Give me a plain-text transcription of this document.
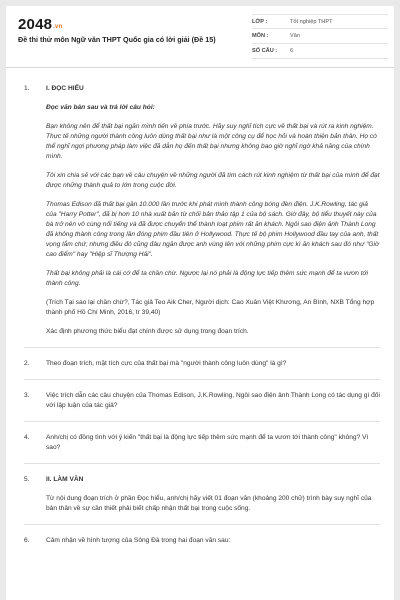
2048.vn
Đề thi thử môn Ngữ văn THPT Quốc gia có lời giải (Đề 15)
LỚP :	Tốt nghiệp THPT
MÔN :	Văn
SỐ CÂU :	6
1.	I. ĐỌC HIỂU

Đọc văn bản sau và trả lời câu hỏi:

Bạn không nên để thất bại ngăn mình tiến về phía trước. Hãy suy nghĩ tích cực về thất bại và rút ra kinh nghiệm. Thực tế những người thành công luôn dùng thất bại như là một công cụ để học hỏi và hoàn thiện bản thân. Họ có thể nghĩ ngợi phương pháp làm việc đã dẫn họ đến thất bại nhưng không bao giờ nghĩ ngờ khả năng của chính mình.

Tôi xin chia sẻ với các bạn về câu chuyện về những người đã tìm cách rút kinh nghiệm từ thất bại của mình để đạt được những thành quả to lớn trong cuộc đời.

Thomas Edison đã thất bại gần 10.000 lần trước khi phát minh thành công bóng đèn điện. J.K.Rowling, tác giả của "Harry Potter", đã bị hơn 10 nhà xuất bản từ chối bản thảo tập 1 của bộ sách. Giờ đây, bộ tiểu thuyết này của bà trở nên vô cùng nổi tiếng và đã được chuyển thể thành loạt phim rất ăn khách. Ngôi sao điện ảnh Thành Long đã không thành công trong lần đóng phim đầu tiên ở Hollywood. Thực tế bộ phim Hollywood đầu tay của anh, thất vọng lắm chứ; nhưng điều đó cũng đâu ngăn được anh vùng lên với những phim cực kì ăn khách sau đó như "Giờ cao điểm" hay "Hiệp sĩ Thượng Hải".

Thất bại không phải là cái cớ để ta chần chừ. Ngược lại nó phải là động lực tiếp thêm sức mạnh để ta vươn tới thành công.

(Trích Tại sao lại chần chừ?, Tác giả Teo Aik Cher, Người dịch: Cao Xuân Việt Khương, An Bình, NXB Tổng hợp thành phố Hồ Chí Minh, 2016, tr 39,40)

Xác định phương thức biểu đạt chính được sử dụng trong đoạn trích.

2.	Theo đoạn trích, mặt tích cực của thất bại mà "người thành công luôn dùng" là gì?
3.	Việc trích dẫn các câu chuyện của Thomas Edison, J.K.Rowling, Ngôi sao điện ảnh Thành Long có tác dụng gì đối với lập luận của tác giả?
4.	Anh/chị có đồng tình với ý kiến "thất bại là động lực tiếp thêm sức mạnh để ta vươn tới thành công" không? Vì sao?
5.	II. LÀM VĂN

Từ nội dung đoạn trích ở phần Đọc hiểu, anh/chị hãy viết 01 đoạn văn (khoảng 200 chữ) trình bày suy nghĩ của bản thân về sự cần thiết phải biết chấp nhận thất bại trong cuộc sống.

6.	Cảm nhận về hình tượng của Sông Đà trong hai đoạn văn sau:
